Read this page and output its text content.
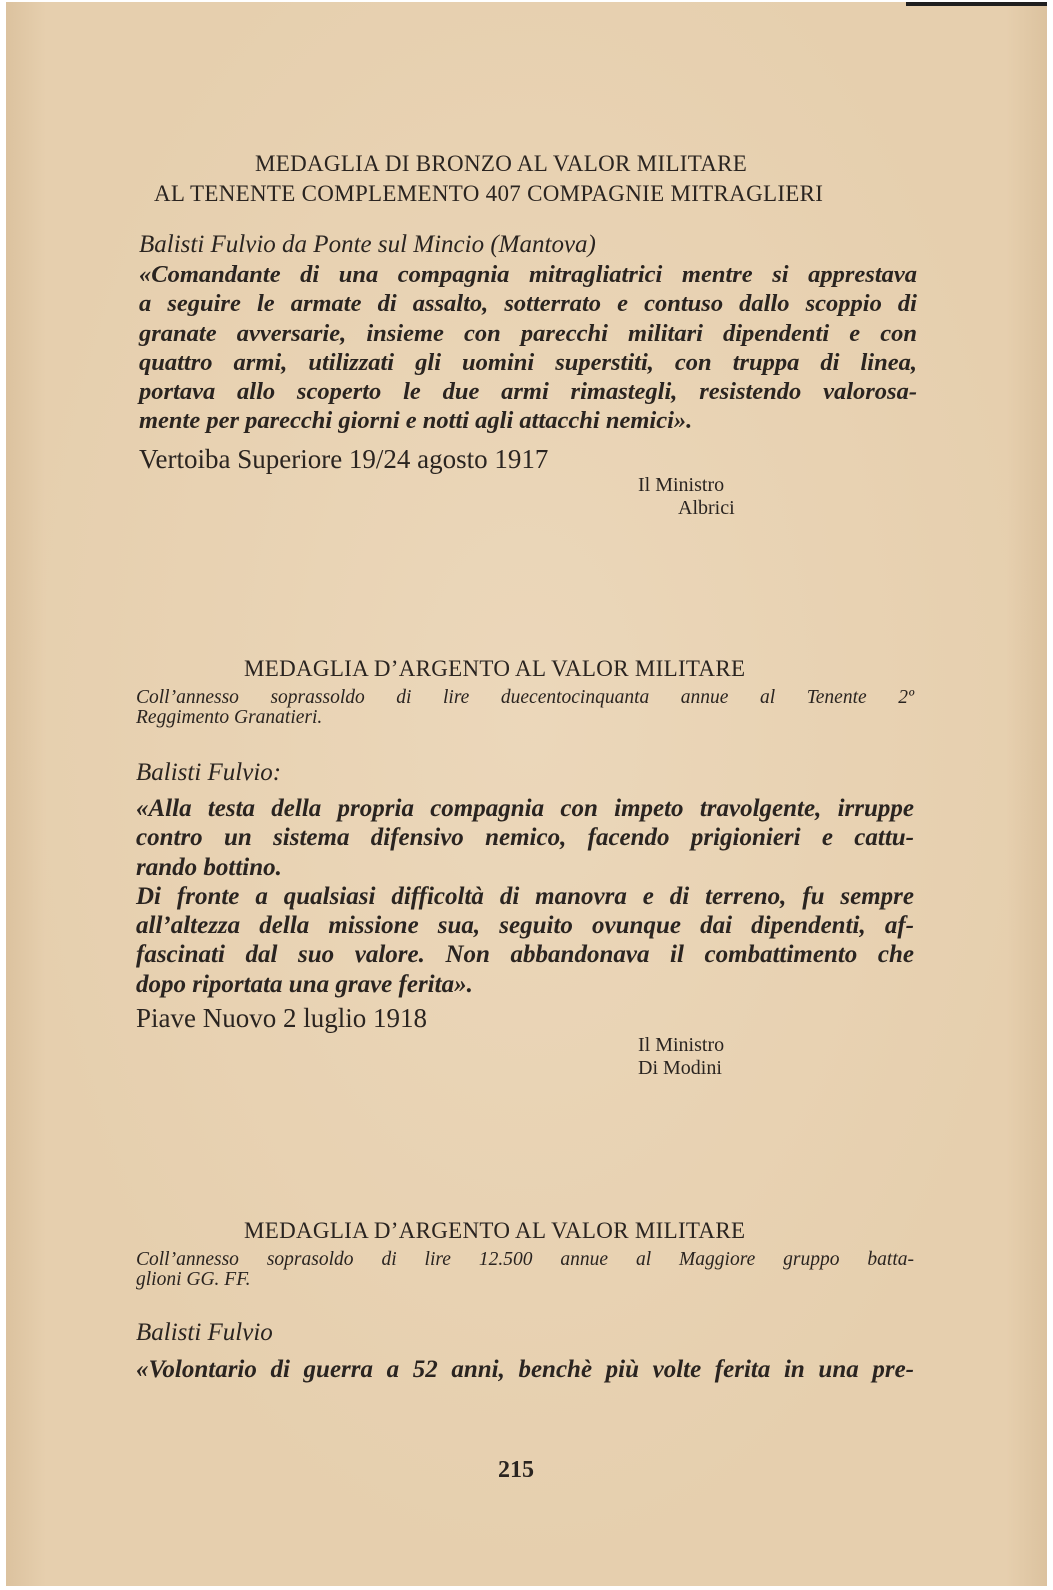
MEDAGLIA DI BRONZO AL VALOR MILITARE
AL TENENTE COMPLEMENTO 407 COMPAGNIE MITRAGLIERI
Balisti Fulvio da Ponte sul Mincio (Mantova)
«Comandante di una compagnia mitragliatrici mentre si apprestava
a seguire le armate di assalto, sotterrato e contuso dallo scoppio di
granate avversarie, insieme con parecchi militari dipendenti e con
quattro armi, utilizzati gli uomini superstiti, con truppa di linea,
portava allo scoperto le due armi rimastegli, resistendo valorosa-
mente per parecchi giorni e notti agli attacchi nemici».
Vertoiba Superiore 19/24 agosto 1917
Il Ministro
Albrici
MEDAGLIA D’ARGENTO AL VALOR MILITARE
Coll’annesso soprassoldo di lire duecentocinquanta annue al Tenente 2º
Reggimento Granatieri.
Balisti Fulvio:
«Alla testa della propria compagnia con impeto travolgente, irruppe
contro un sistema difensivo nemico, facendo prigionieri e cattu-
rando bottino.
Di fronte a qualsiasi difficoltà di manovra e di terreno, fu sempre
all’altezza della missione sua, seguito ovunque dai dipendenti, af-
fascinati dal suo valore. Non abbandonava il combattimento che
dopo riportata una grave ferita».
Piave Nuovo 2 luglio 1918
Il Ministro
Di Modini
MEDAGLIA D’ARGENTO AL VALOR MILITARE
Coll’annesso soprasoldo di lire 12.500 annue al Maggiore gruppo batta-
glioni GG. FF.
Balisti Fulvio
«Volontario di guerra a 52 anni, benchè più volte ferita in una pre-
215
